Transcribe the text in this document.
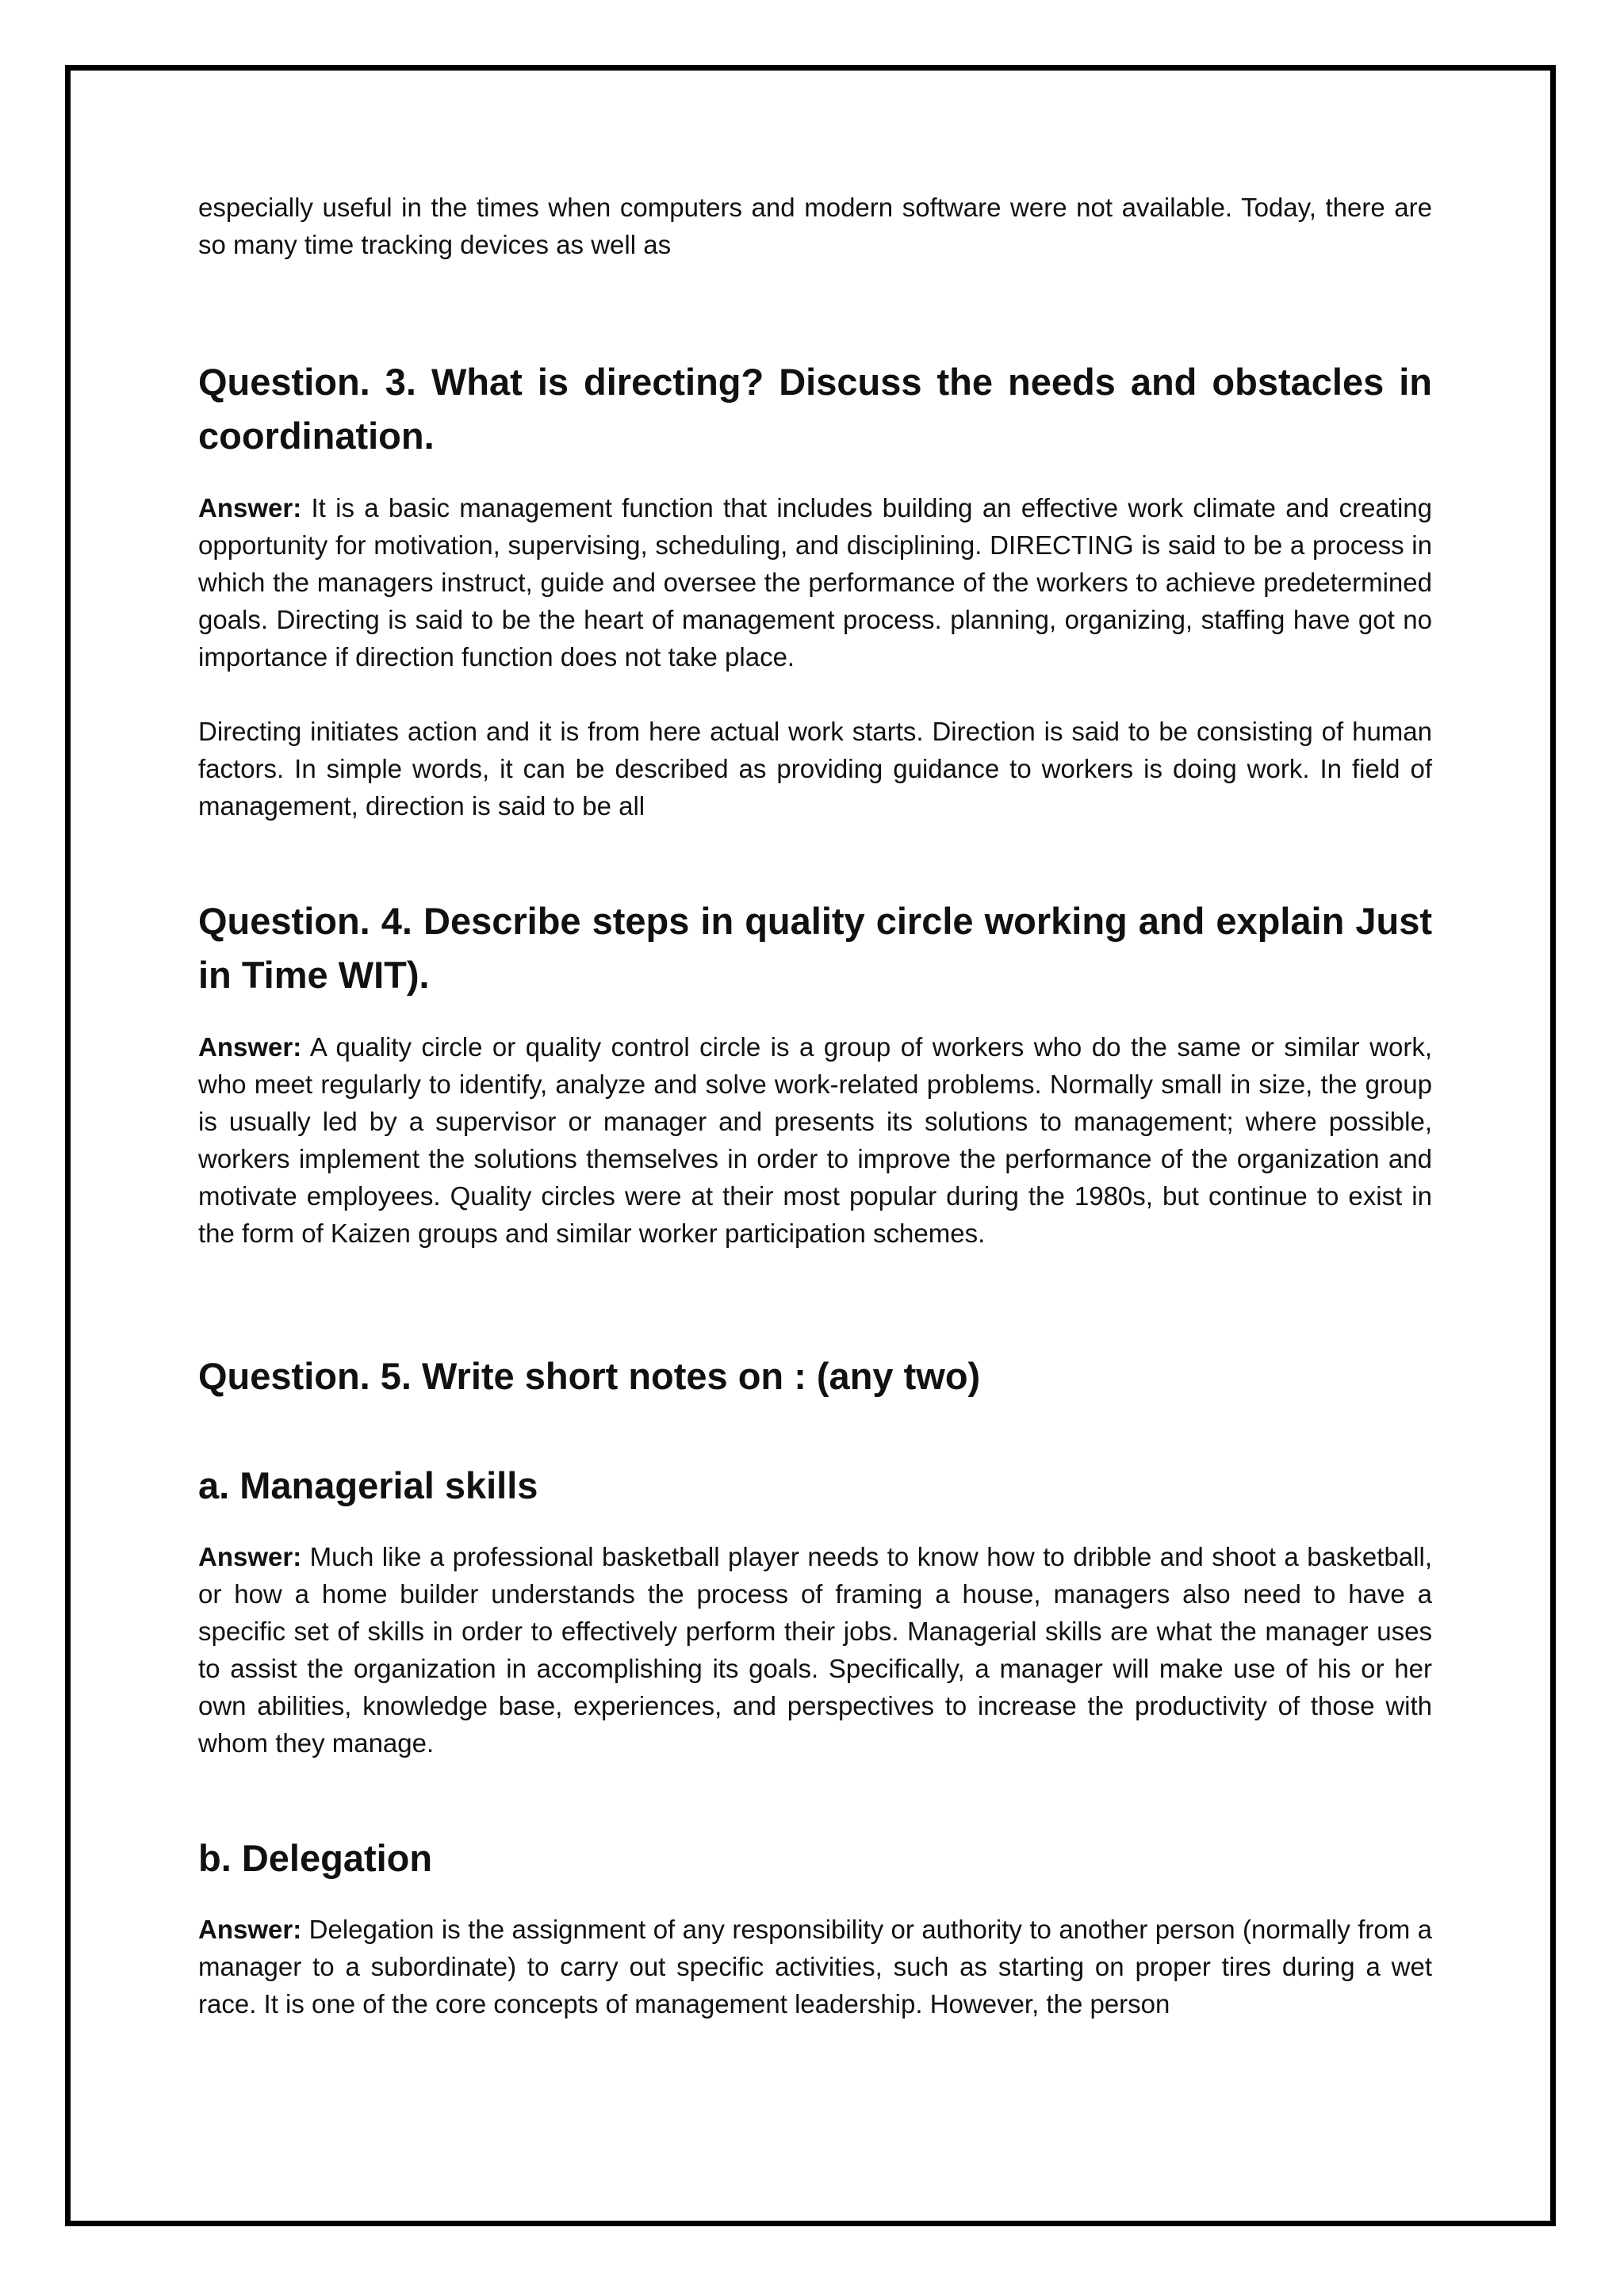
especially useful in the times when computers and modern software were not available. Today, there are so many time tracking devices as well as

Question. 3. What is directing? Discuss the needs and obstacles in coordination.

Answer: It is a basic management function that includes building an effective work climate and creating opportunity for motivation, supervising, scheduling, and disciplining. DIRECTING is said to be a process in which the managers instruct, guide and oversee the performance of the workers to achieve predetermined goals. Directing is said to be the heart of management process. planning, organizing, staffing have got no importance if direction function does not take place.

Directing initiates action and it is from here actual work starts. Direction is said to be consisting of human factors. In simple words, it can be described as providing guidance to workers is doing work. In field of management, direction is said to be all

Question. 4. Describe steps in quality circle working and explain Just in Time WIT).

Answer: A quality circle or quality control circle is a group of workers who do the same or similar work, who meet regularly to identify, analyze and solve work-related problems. Normally small in size, the group is usually led by a supervisor or manager and presents its solutions to management; where possible, workers implement the solutions themselves in order to improve the performance of the organization and motivate employees. Quality circles were at their most popular during the 1980s, but continue to exist in the form of Kaizen groups and similar worker participation schemes.

Question. 5. Write short notes on : (any two)
a. Managerial skills

Answer: Much like a professional basketball player needs to know how to dribble and shoot a basketball, or how a home builder understands the process of framing a house, managers also need to have a specific set of skills in order to effectively perform their jobs. Managerial skills are what the manager uses to assist the organization in accomplishing its goals. Specifically, a manager will make use of his or her own abilities, knowledge base, experiences, and perspectives to increase the productivity of those with whom they manage.

b. Delegation

Answer: Delegation is the assignment of any responsibility or authority to another person (normally from a manager to a subordinate) to carry out specific activities, such as starting on proper tires during a wet race. It is one of the core concepts of management leadership. However, the person
